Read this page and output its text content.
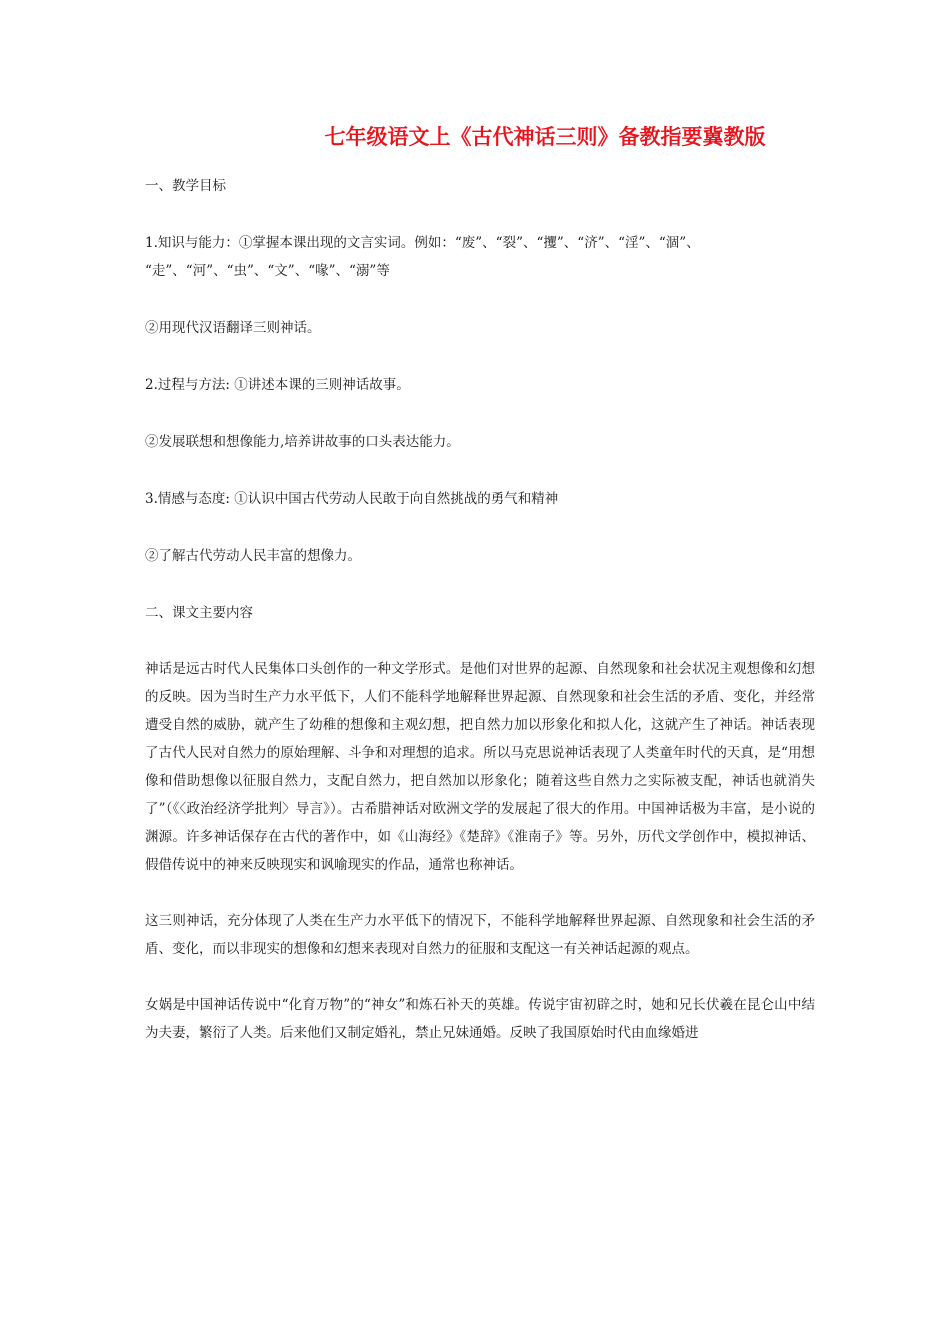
七年级语文上《古代神话三则》备教指要冀教版
一、教学目标
1.知识与能力：①掌握本课出现的文言实词。例如：“废”、“裂”、“攫”、“济”、“淫”、“涸”、
“走”、“河”、“虫”、“文”、“喙”、“溺”等
②用现代汉语翻译三则神话。
2.过程与方法: ①讲述本课的三则神话故事。
②发展联想和想像能力,培养讲故事的口头表达能力。
3.情感与态度: ①认识中国古代劳动人民敢于向自然挑战的勇气和精神
②了解古代劳动人民丰富的想像力。
二、课文主要内容
神话是远古时代人民集体口头创作的一种文学形式。是他们对世界的起源、自然现象和社会状况主观想像和幻想的反映。因为当时生产力水平低下，人们不能科学地解释世界起源、自然现象和社会生活的矛盾、变化，并经常遭受自然的威胁，就产生了幼稚的想像和主观幻想，把自然力加以形象化和拟人化，这就产生了神话。神话表现了古代人民对自然力的原始理解、斗争和对理想的追求。所以马克思说神话表现了人类童年时代的天真，是“用想像和借助想像以征服自然力，支配自然力，把自然加以形象化；随着这些自然力之实际被支配，神话也就消失了”（《〈政治经济学批判〉导言》）。古希腊神话对欧洲文学的发展起了很大的作用。中国神话极为丰富，是小说的渊源。许多神话保存在古代的著作中，如《山海经》《楚辞》《淮南子》等。另外，历代文学创作中，模拟神话、假借传说中的神来反映现实和讽喻现实的作品，通常也称神话。
这三则神话，充分体现了人类在生产力水平低下的情况下，不能科学地解释世界起源、自然现象和社会生活的矛盾、变化，而以非现实的想像和幻想来表现对自然力的征服和支配这一有关神话起源的观点。
女娲是中国神话传说中“化育万物”的“神女”和炼石补天的英雄。传说宇宙初辟之时，她和兄长伏羲在昆仑山中结为夫妻，繁衍了人类。后来他们又制定婚礼，禁止兄妹通婚。反映了我国原始时代由血缘婚进
